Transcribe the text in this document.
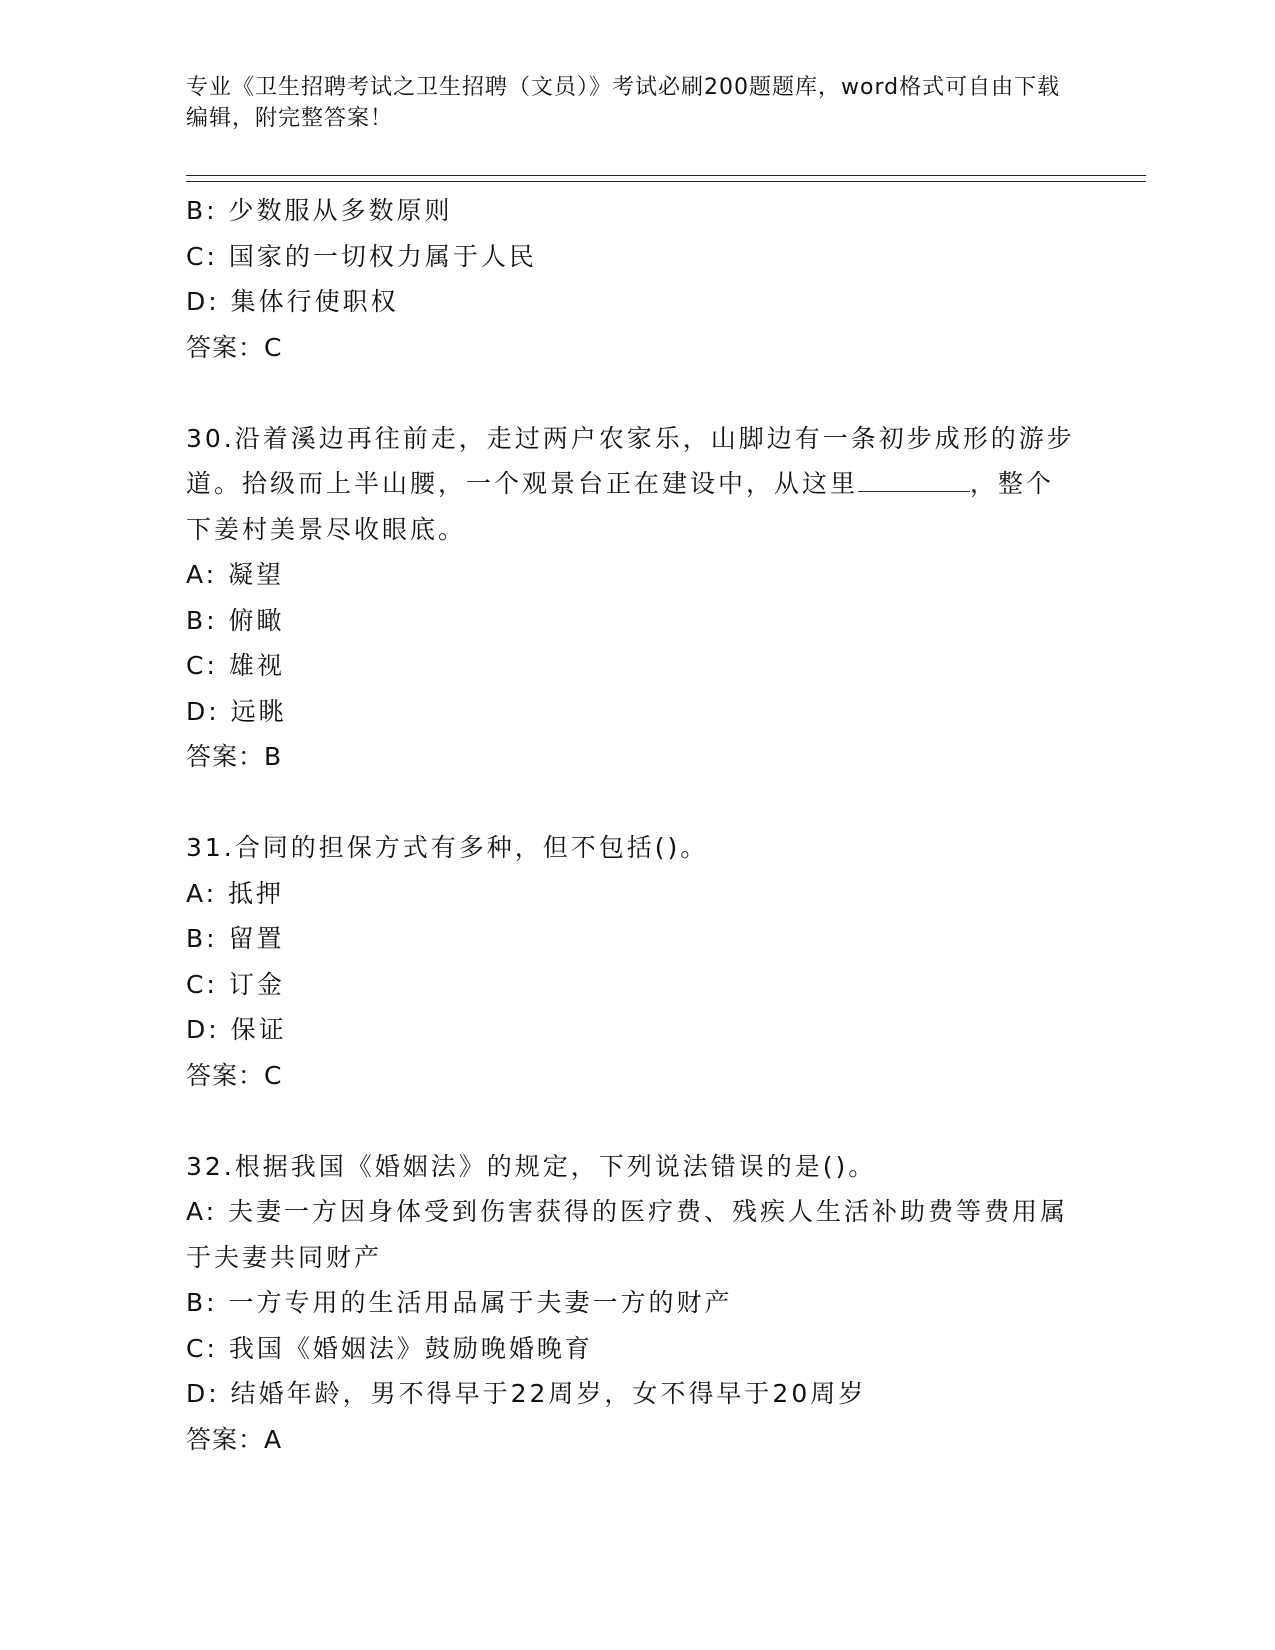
专业《卫生招聘考试之卫生招聘（文员）》考试必刷200题题库，word格式可自由下载编辑，附完整答案！
B: 少数服从多数原则
C: 国家的一切权力属于人民
D: 集体行使职权
答案：C
30.沿着溪边再往前走，走过两户农家乐，山脚边有一条初步成形的游步道。拾级而上半山腰，一个观景台正在建设中，从这里	，整个下姜村美景尽收眼底。
A: 凝望
B: 俯瞰
C: 雄视
D: 远眺
答案：B
31.合同的担保方式有多种，但不包括()。
A: 抵押
B: 留置
C: 订金
D: 保证
答案：C
32.根据我国《婚姻法》的规定，下列说法错误的是()。
A: 夫妻一方因身体受到伤害获得的医疗费、残疾人生活补助费等费用属于夫妻共同财产
B: 一方专用的生活用品属于夫妻一方的财产
C: 我国《婚姻法》鼓励晚婚晚育
D: 结婚年龄，男不得早于22周岁，女不得早于20周岁
答案：A
